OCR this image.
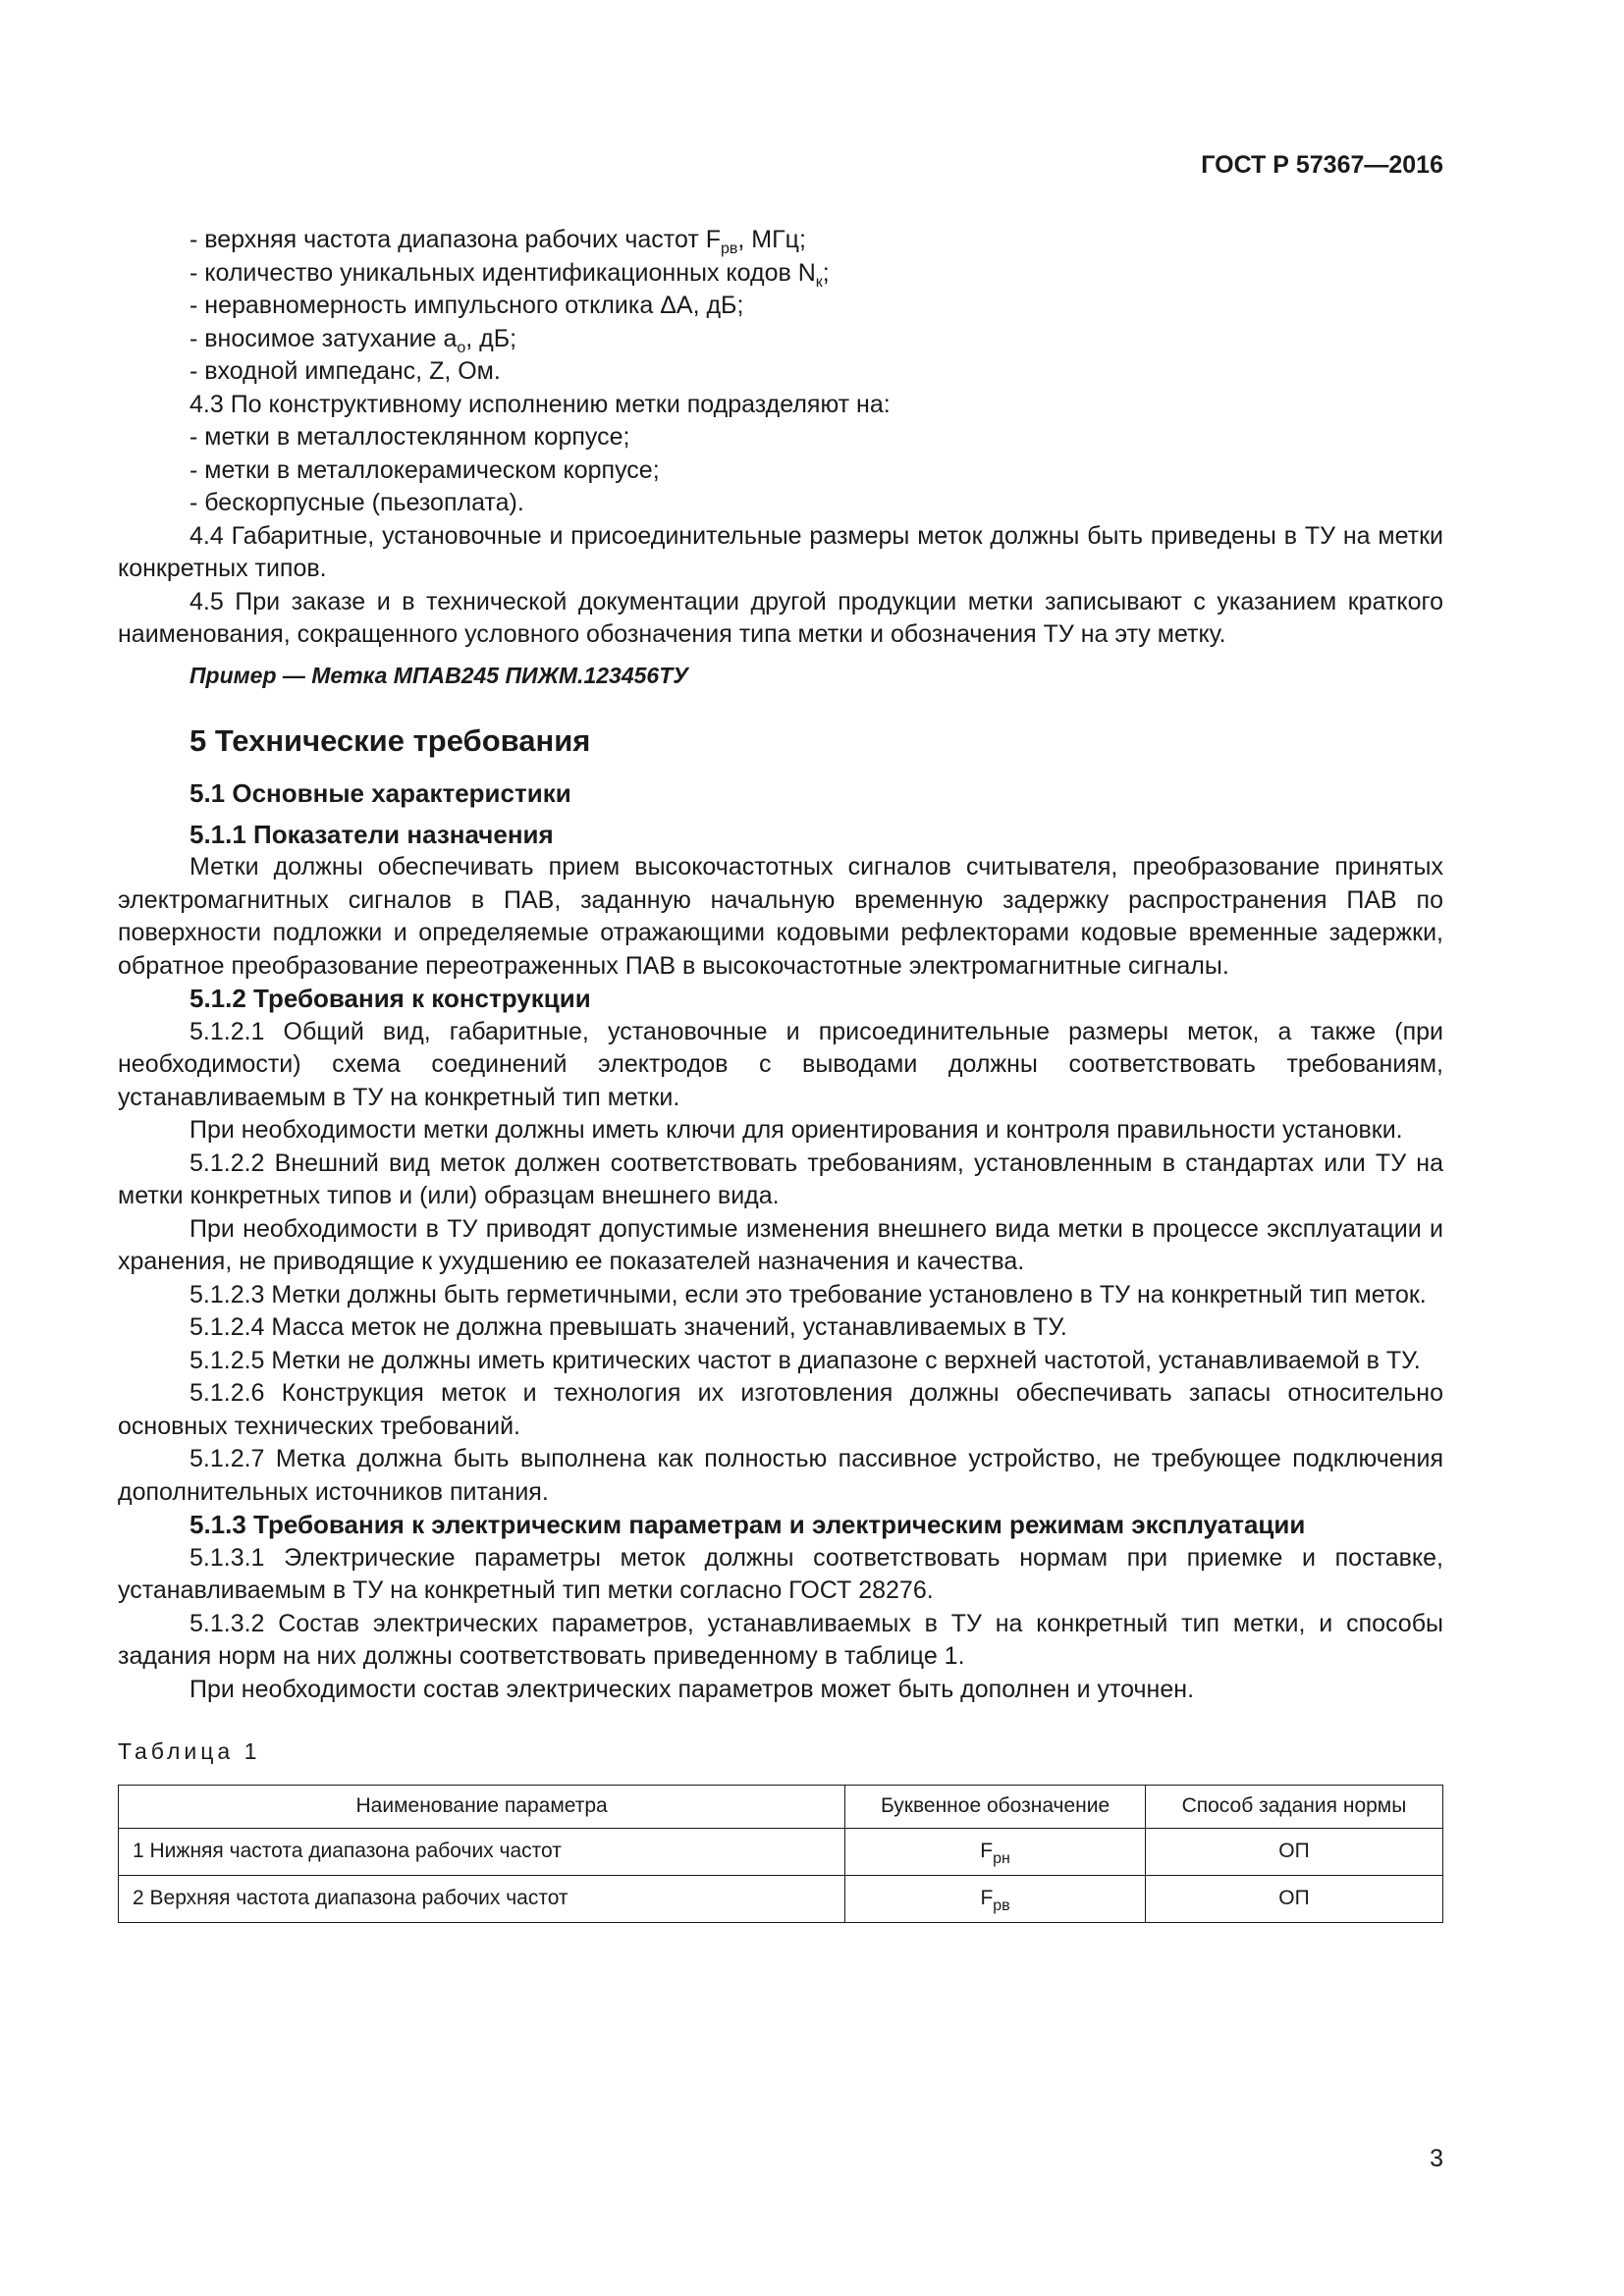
ГОСТ Р 57367—2016

- верхняя частота диапазона рабочих частот $F_{рв}$, МГц;

- количество уникальных идентификационных кодов $N_к$;

- неравномерность импульсного отклика ΔA, дБ;

- вносимое затухание $a_o$, дБ;

- входной импеданс, Z, Ом.

4.3 По конструктивному исполнению метки подразделяют на:

- метки в металлостеклянном корпусе;

- метки в металлокерамическом корпусе;

- бескорпусные (пьезоплата).

4.4 Габаритные, установочные и присоединительные размеры меток должны быть приведены в ТУ на метки конкретных типов.

4.5 При заказе и в технической документации другой продукции метки записывают с указанием краткого наименования, сокращенного условного обозначения типа метки и обозначения ТУ на эту метку.

Пример — Метка МПАВ245 ПИЖМ.123456ТУ

5 Технические требования

5.1 Основные характеристики

5.1.1 Показатели назначения

Метки должны обеспечивать прием высокочастотных сигналов считывателя, преобразование принятых электромагнитных сигналов в ПАВ, заданную начальную временную задержку распространения ПАВ по поверхности подложки и определяемые отражающими кодовыми рефлекторами кодовые временные задержки, обратное преобразование переотраженных ПАВ в высокочастотные электромагнитные сигналы.

5.1.2 Требования к конструкции

5.1.2.1 Общий вид, габаритные, установочные и присоединительные размеры меток, а также (при необходимости) схема соединений электродов с выводами должны соответствовать требованиям, устанавливаемым в ТУ на конкретный тип метки.

При необходимости метки должны иметь ключи для ориентирования и контроля правильности установки.

5.1.2.2 Внешний вид меток должен соответствовать требованиям, установленным в стандартах или ТУ на метки конкретных типов и (или) образцам внешнего вида.

При необходимости в ТУ приводят допустимые изменения внешнего вида метки в процессе эксплуатации и хранения, не приводящие к ухудшению ее показателей назначения и качества.

5.1.2.3 Метки должны быть герметичными, если это требование установлено в ТУ на конкретный тип меток.

5.1.2.4 Масса меток не должна превышать значений, устанавливаемых в ТУ.

5.1.2.5 Метки не должны иметь критических частот в диапазоне с верхней частотой, устанавливаемой в ТУ.

5.1.2.6 Конструкция меток и технология их изготовления должны обеспечивать запасы относительно основных технических требований.

5.1.2.7 Метка должна быть выполнена как полностью пассивное устройство, не требующее подключения дополнительных источников питания.

5.1.3 Требования к электрическим параметрам и электрическим режимам эксплуатации

5.1.3.1 Электрические параметры меток должны соответствовать нормам при приемке и поставке, устанавливаемым в ТУ на конкретный тип метки согласно ГОСТ 28276.

5.1.3.2 Состав электрических параметров, устанавливаемых в ТУ на конкретный тип метки, и способы задания норм на них должны соответствовать приведенному в таблице 1.

При необходимости состав электрических параметров может быть дополнен и уточнен.

Таблица 1

Наименование параметра	Буквенное обозначение	Способ задания нормы
1 Нижняя частота диапазона рабочих частот	$F_{рн}$	ОП
2 Верхняя частота диапазона рабочих частот	$F_{рв}$	ОП
3
